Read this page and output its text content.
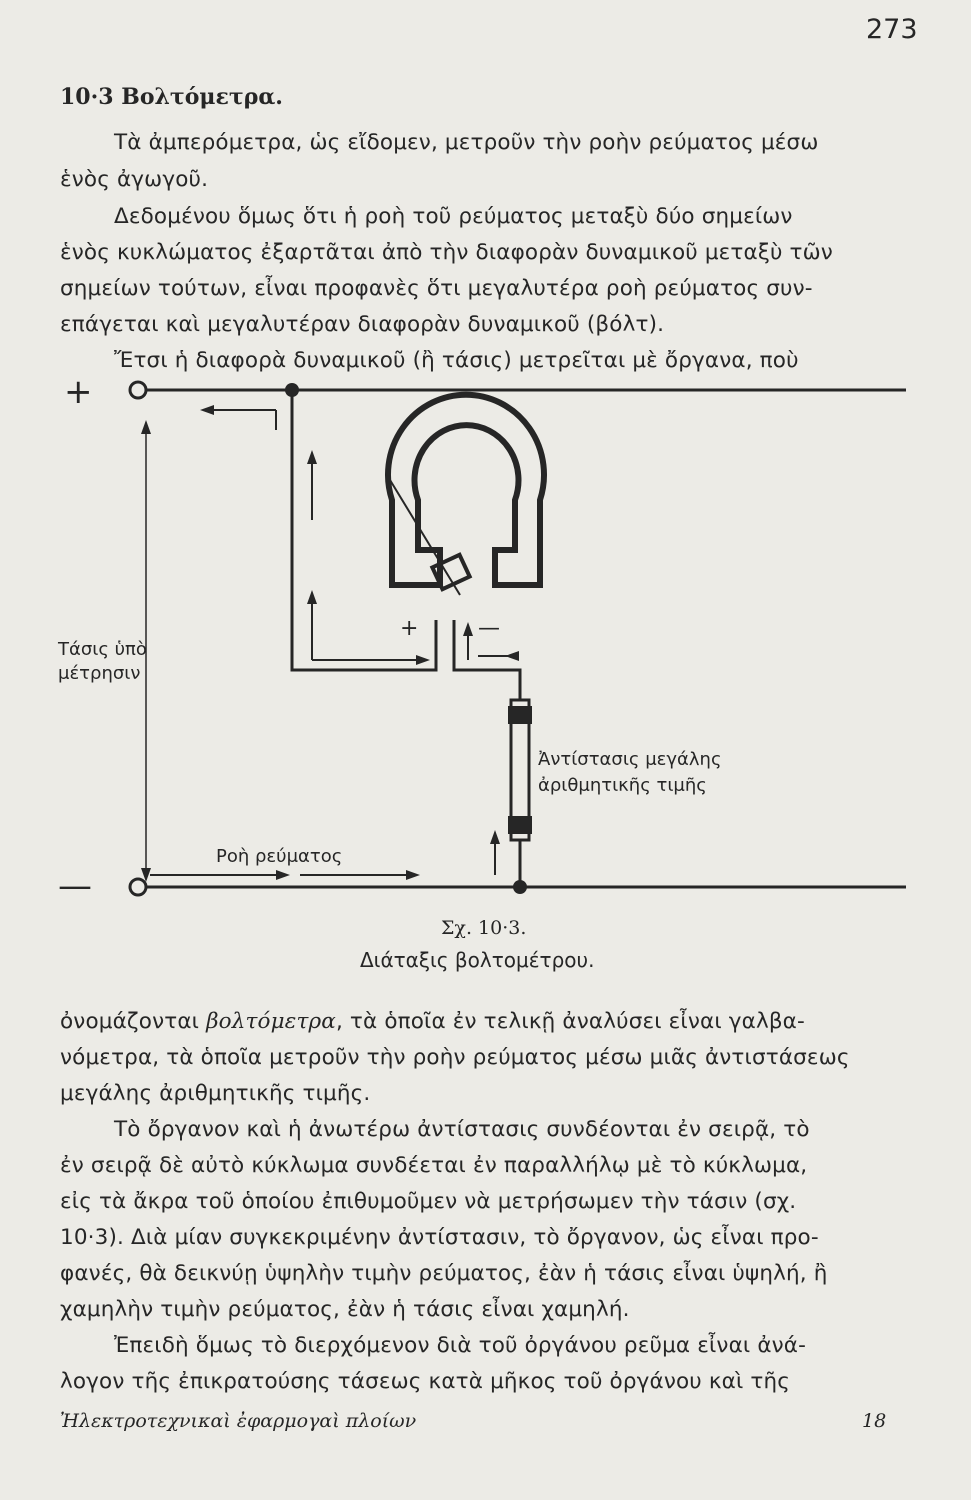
273
10·3 Βολτόμετρα.
Τὰ ἀμπερόμετρα, ὡς εἴδομεν, μετροῦν τὴν ροὴν ρεύματος μέσω
ἑνὸς ἀγωγοῦ.
Δεδομένου ὅμως ὅτι ἡ ροὴ τοῦ ρεύματος μεταξὺ δύο σημείων
ἑνὸς κυκλώματος ἐξαρτᾶται ἀπὸ τὴν διαφορὰν δυναμικοῦ μεταξὺ τῶν
σημείων τούτων, εἶναι προφανὲς ὅτι μεγαλυτέρα ροὴ ρεύματος συν-
επάγεται καὶ μεγαλυτέραν διαφορὰν δυναμικοῦ (βόλτ).
Ἔτσι ἡ διαφορὰ δυναμικοῦ (ἢ τάσις) μετρεῖται μὲ ὄργανα, ποὺ
+
—
+	—
Τάσις ὑπὸ
μέτρησιν
Ἀντίστασις μεγάλης
ἀριθμητικῆς τιμῆς
Ροὴ ρεύματος
Σχ. 10·3.
Διάταξις βολτομέτρου.
ὀνομάζονται βολτόμετρα, τὰ ὁποῖα ἐν τελικῇ ἀναλύσει εἶναι γαλβα-
νόμετρα, τὰ ὁποῖα μετροῦν τὴν ροὴν ρεύματος μέσω μιᾶς ἀντιστάσεως
μεγάλης ἀριθμητικῆς τιμῆς.
Τὸ ὄργανον καὶ ἡ ἀνωτέρω ἀντίστασις συνδέονται ἐν σειρᾷ, τὸ
ἐν σειρᾷ δὲ αὐτὸ κύκλωμα συνδέεται ἐν παραλλήλῳ μὲ τὸ κύκλωμα,
εἰς τὰ ἄκρα τοῦ ὁποίου ἐπιθυμοῦμεν νὰ μετρήσωμεν τὴν τάσιν (σχ.
10·3). Διὰ μίαν συγκεκριμένην ἀντίστασιν, τὸ ὄργανον, ὡς εἶναι προ-
φανές, θὰ δεικνύῃ ὑψηλὴν τιμὴν ρεύματος, ἐὰν ἡ τάσις εἶναι ὑψηλή, ἢ
χαμηλὴν τιμὴν ρεύματος, ἐὰν ἡ τάσις εἶναι χαμηλή.
Ἐπειδὴ ὅμως τὸ διερχόμενον διὰ τοῦ ὀργάνου ρεῦμα εἶναι ἀνά-
λογον τῆς ἐπικρατούσης τάσεως κατὰ μῆκος τοῦ ὀργάνου καὶ τῆς
Ἠλεκτροτεχνικαὶ ἐφαρμογαὶ πλοίων	18
